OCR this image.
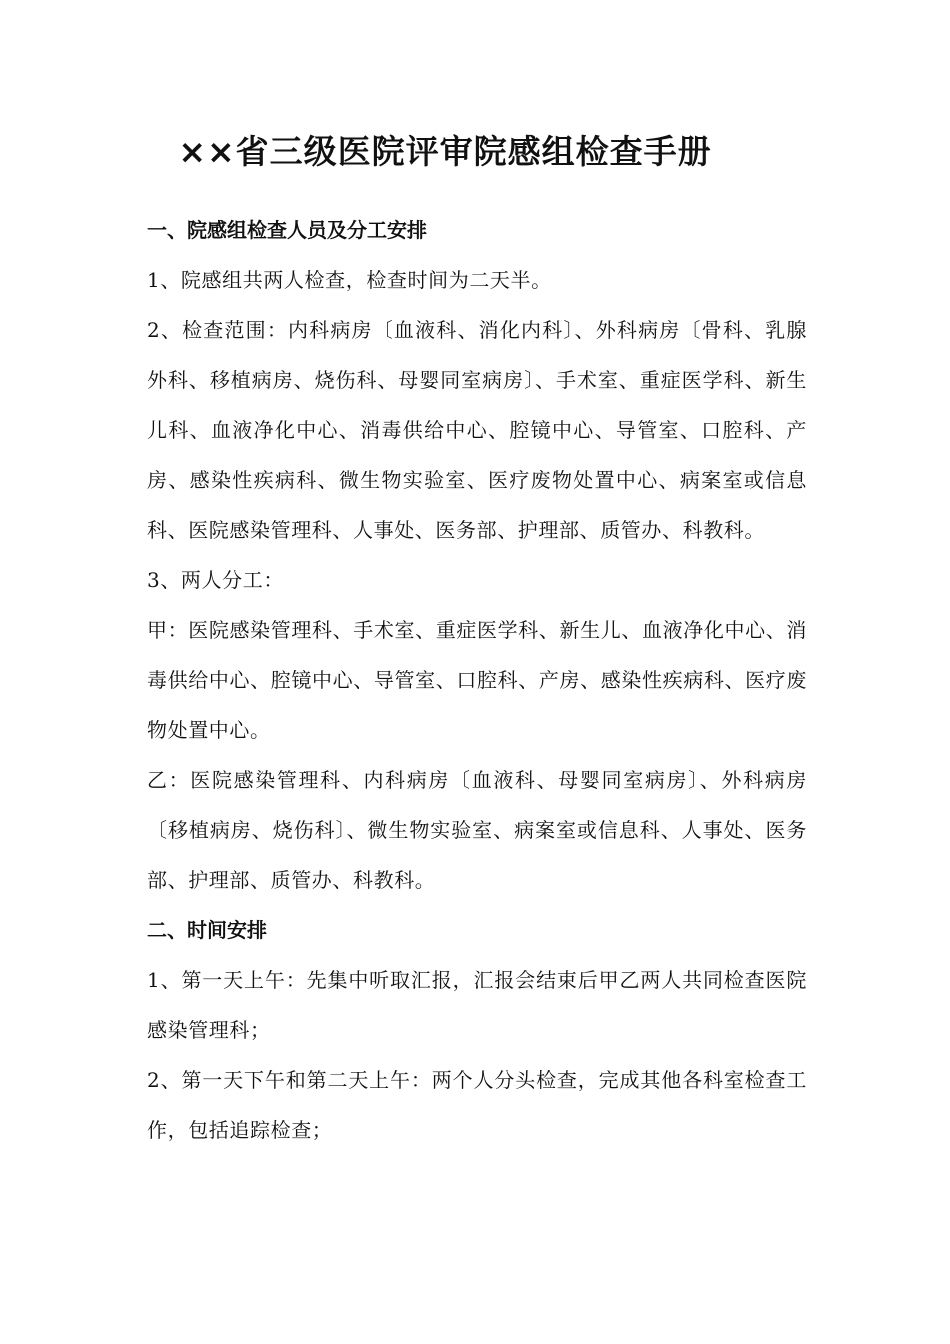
××省三级医院评审院感组检查手册

一、院感组检查人员及分工安排

1、院感组共两人检查，检查时间为二天半。

2、检查范围：内科病房〔血液科、消化内科〕、外科病房〔骨科、乳腺外科、移植病房、烧伤科、母婴同室病房〕、手术室、重症医学科、新生儿科、血液净化中心、消毒供给中心、腔镜中心、导管室、口腔科、产房、感染性疾病科、微生物实验室、医疗废物处置中心、病案室或信息科、医院感染管理科、人事处、医务部、护理部、质管办、科教科。

3、两人分工：

甲：医院感染管理科、手术室、重症医学科、新生儿、血液净化中心、消毒供给中心、腔镜中心、导管室、口腔科、产房、感染性疾病科、医疗废物处置中心。

乙：医院感染管理科、内科病房〔血液科、母婴同室病房〕、外科病房〔移植病房、烧伤科〕、微生物实验室、病案室或信息科、人事处、医务部、护理部、质管办、科教科。

二、时间安排

1、第一天上午：先集中听取汇报，汇报会结束后甲乙两人共同检查医院感染管理科；

2、第一天下午和第二天上午：两个人分头检查，完成其他各科室检查工作，包括追踪检查；
